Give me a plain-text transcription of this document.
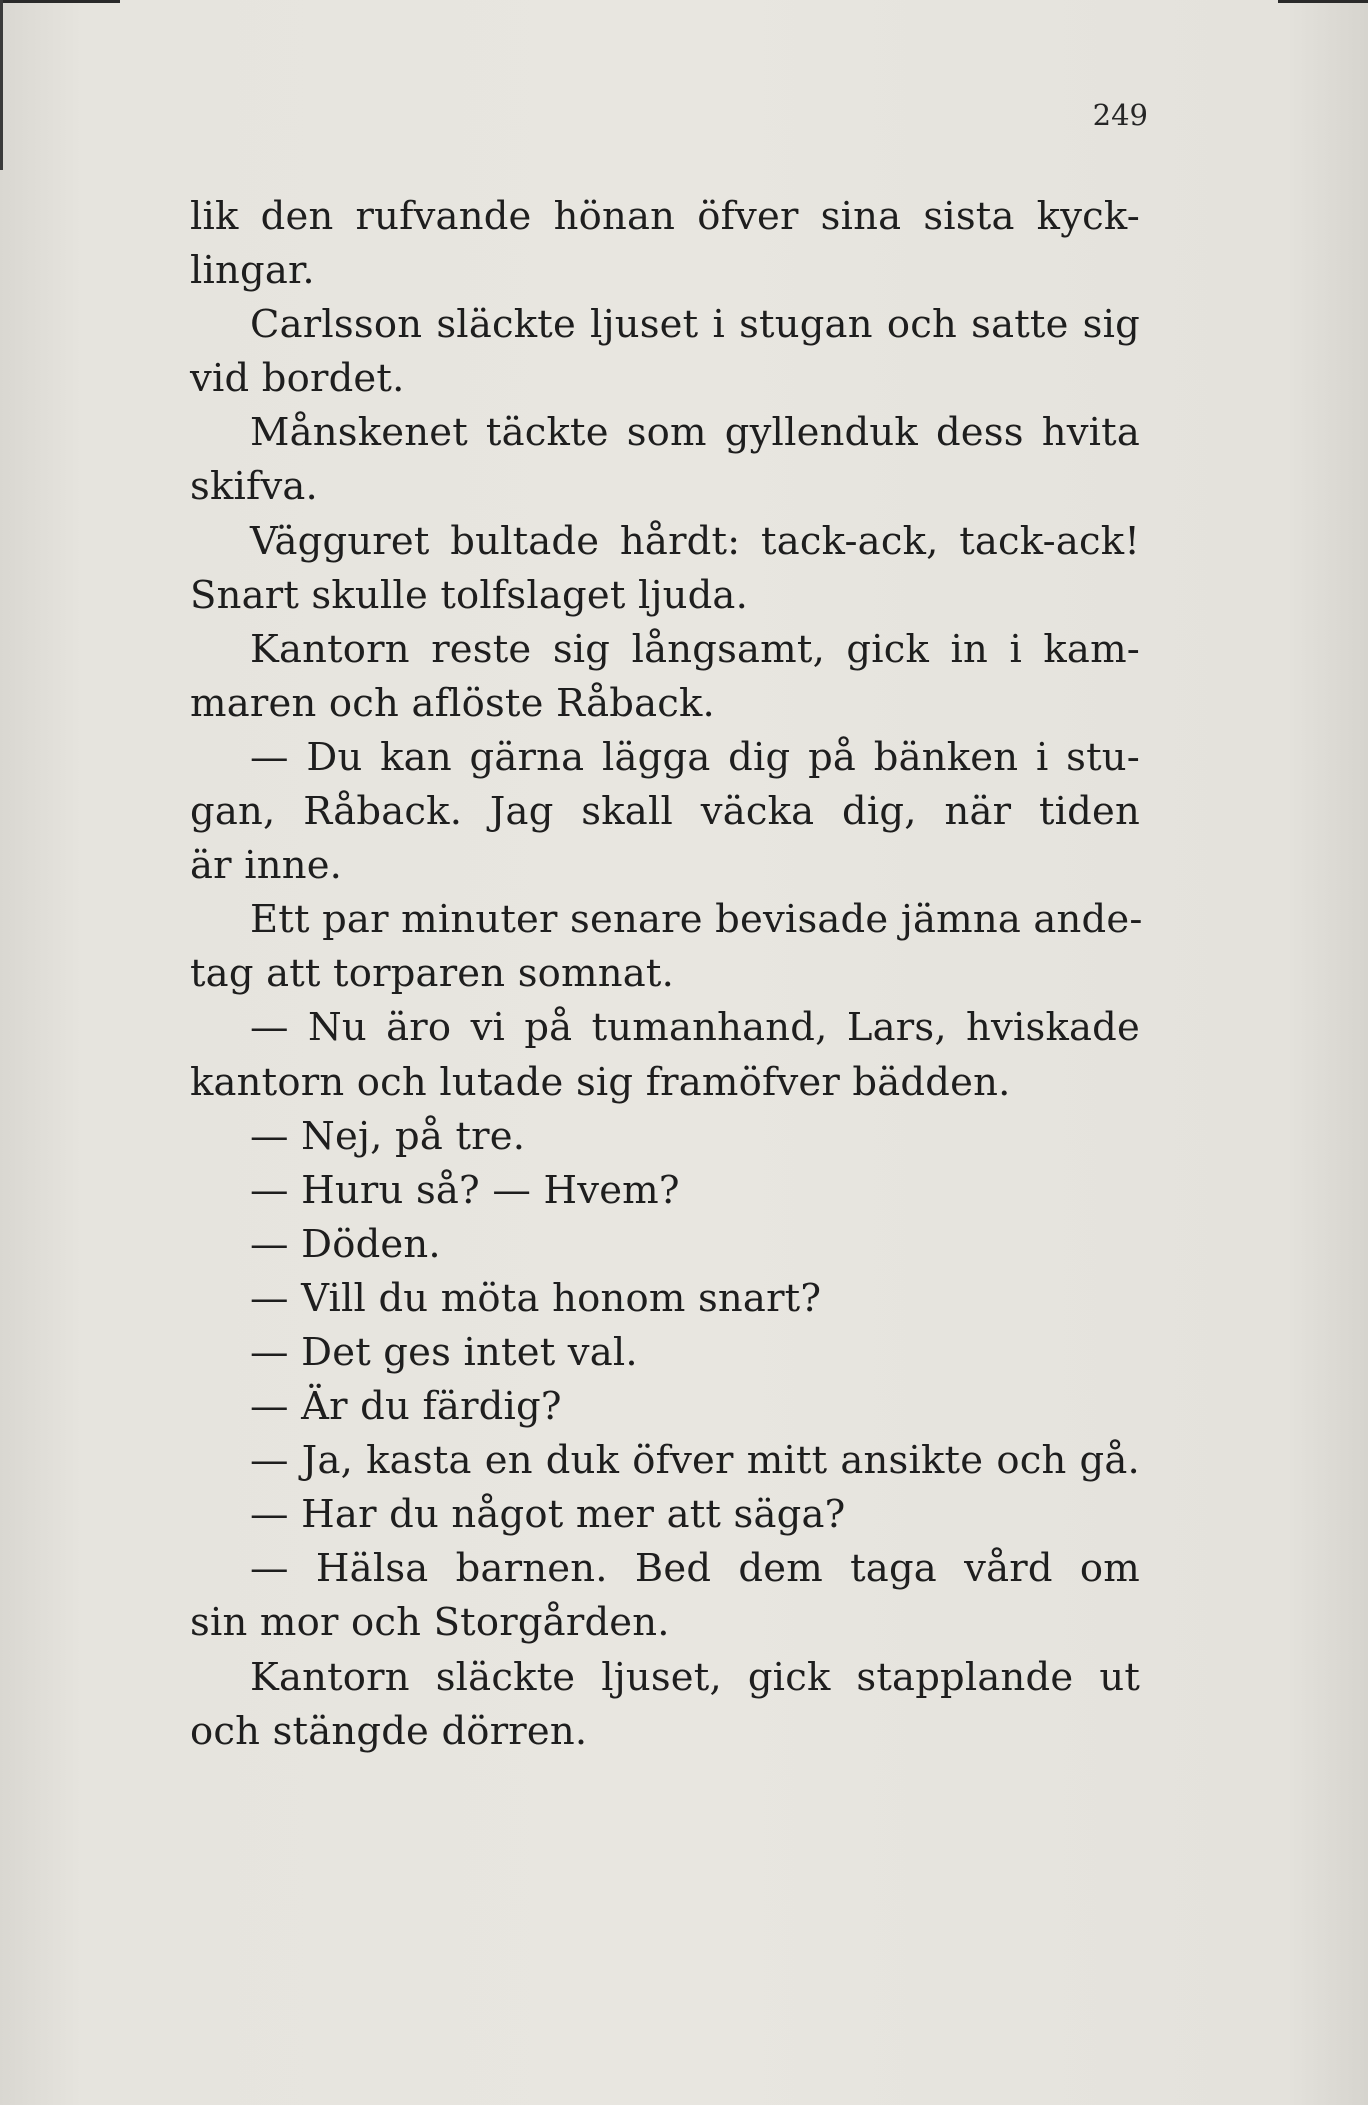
249
lik den rufvande hönan öfver sina sista kyck-
lingar.
Carlsson släckte ljuset i stugan och satte sig
vid bordet.
Månskenet täckte som gyllenduk dess hvita
skifva.
Vägguret bultade hårdt: tack-ack, tack-ack!
Snart skulle tolfslaget ljuda.
Kantorn reste sig långsamt, gick in i kam-
maren och aflöste Råback.
— Du kan gärna lägga dig på bänken i stu-
gan, Råback. Jag skall väcka dig, när tiden
är inne.
Ett par minuter senare bevisade jämna ande-
tag att torparen somnat.
— Nu äro vi på tumanhand, Lars, hviskade
kantorn och lutade sig framöfver bädden.
— Nej, på tre.
— Huru så? — Hvem?
— Döden.
— Vill du möta honom snart?
— Det ges intet val.
— Är du färdig?
— Ja, kasta en duk öfver mitt ansikte och gå.
— Har du något mer att säga?
— Hälsa barnen. Bed dem taga vård om
sin mor och Storgården.
Kantorn släckte ljuset, gick stapplande ut
och stängde dörren.
